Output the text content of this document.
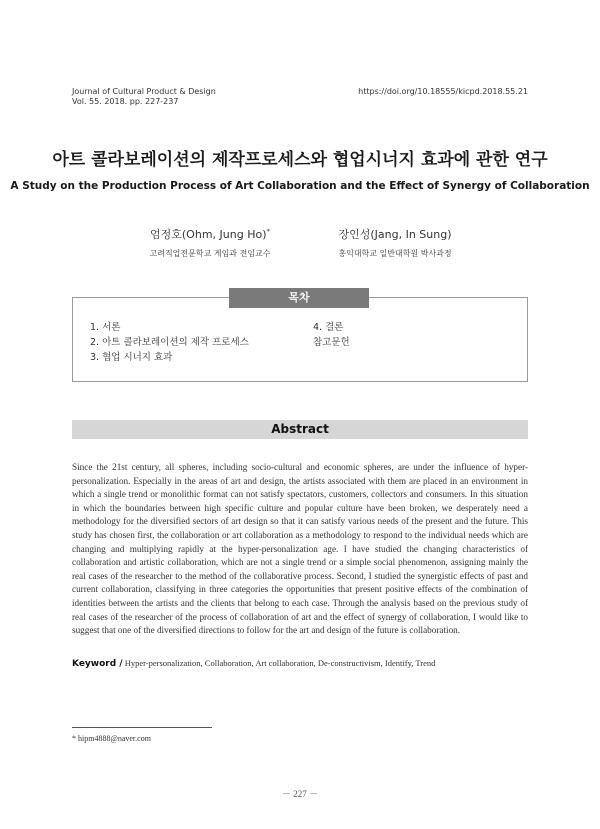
Journal of Cultural Product & Design
Vol. 55. 2018. pp. 227-237
https://doi.org/10.18555/kicpd.2018.55.21
아트 콜라보레이션의 제작프로세스와 협업시너지 효과에 관한 연구
A Study on the Production Process of Art Collaboration and the Effect of Synergy of Collaboration
엄정호(Ohm, Jung Ho)*
고려직업전문학교 게임과 전임교수
장인성(Jang, In Sung)
홍익대학교 일반대학원 박사과정
목차
1. 서론
2. 아트 콜라보레이션의 제작 프로세스
3. 협업 시너지 효과
4. 결론
참고문헌
Abstract

Since the 21st century, all spheres, including socio-cultural and economic spheres, are under the influence of hyper-personalization. Especially in the areas of art and design, the artists associated with them are placed in an environment in which a single trend or monolithic format can not satisfy spectators, customers, collectors and consumers. In this situation in which the boundaries between high specific culture and popular culture have been broken, we desperately need a methodology for the diversified sectors of art design so that it can satisfy various needs of the present and the future. This study has chosen first, the collaboration or art collaboration as a methodology to respond to the individual needs which are changing and multiplying rapidly at the hyper-personalization age. I have studied the changing characteristics of collaboration and artistic collaboration, which are not a single trend or a simple social phenomenon, assigning mainly the real cases of the researcher to the method of the collaborative process. Second, I studied the synergistic effects of past and current collaboration, classifying in three categories the opportunities that present positive effects of the combination of identities between the artists and the clients that belong to each case. Through the analysis based on the previous study of real cases of the researcher of the process of collaboration of art and the effect of synergy of collaboration, I would like to suggest that one of the diversified directions to follow for the art and design of the future is collaboration.

Keyword / Hyper-personalization, Collaboration, Art collaboration, De-constructivism, Identify, Trend
* hipm4888@naver.com
－ 227 －
